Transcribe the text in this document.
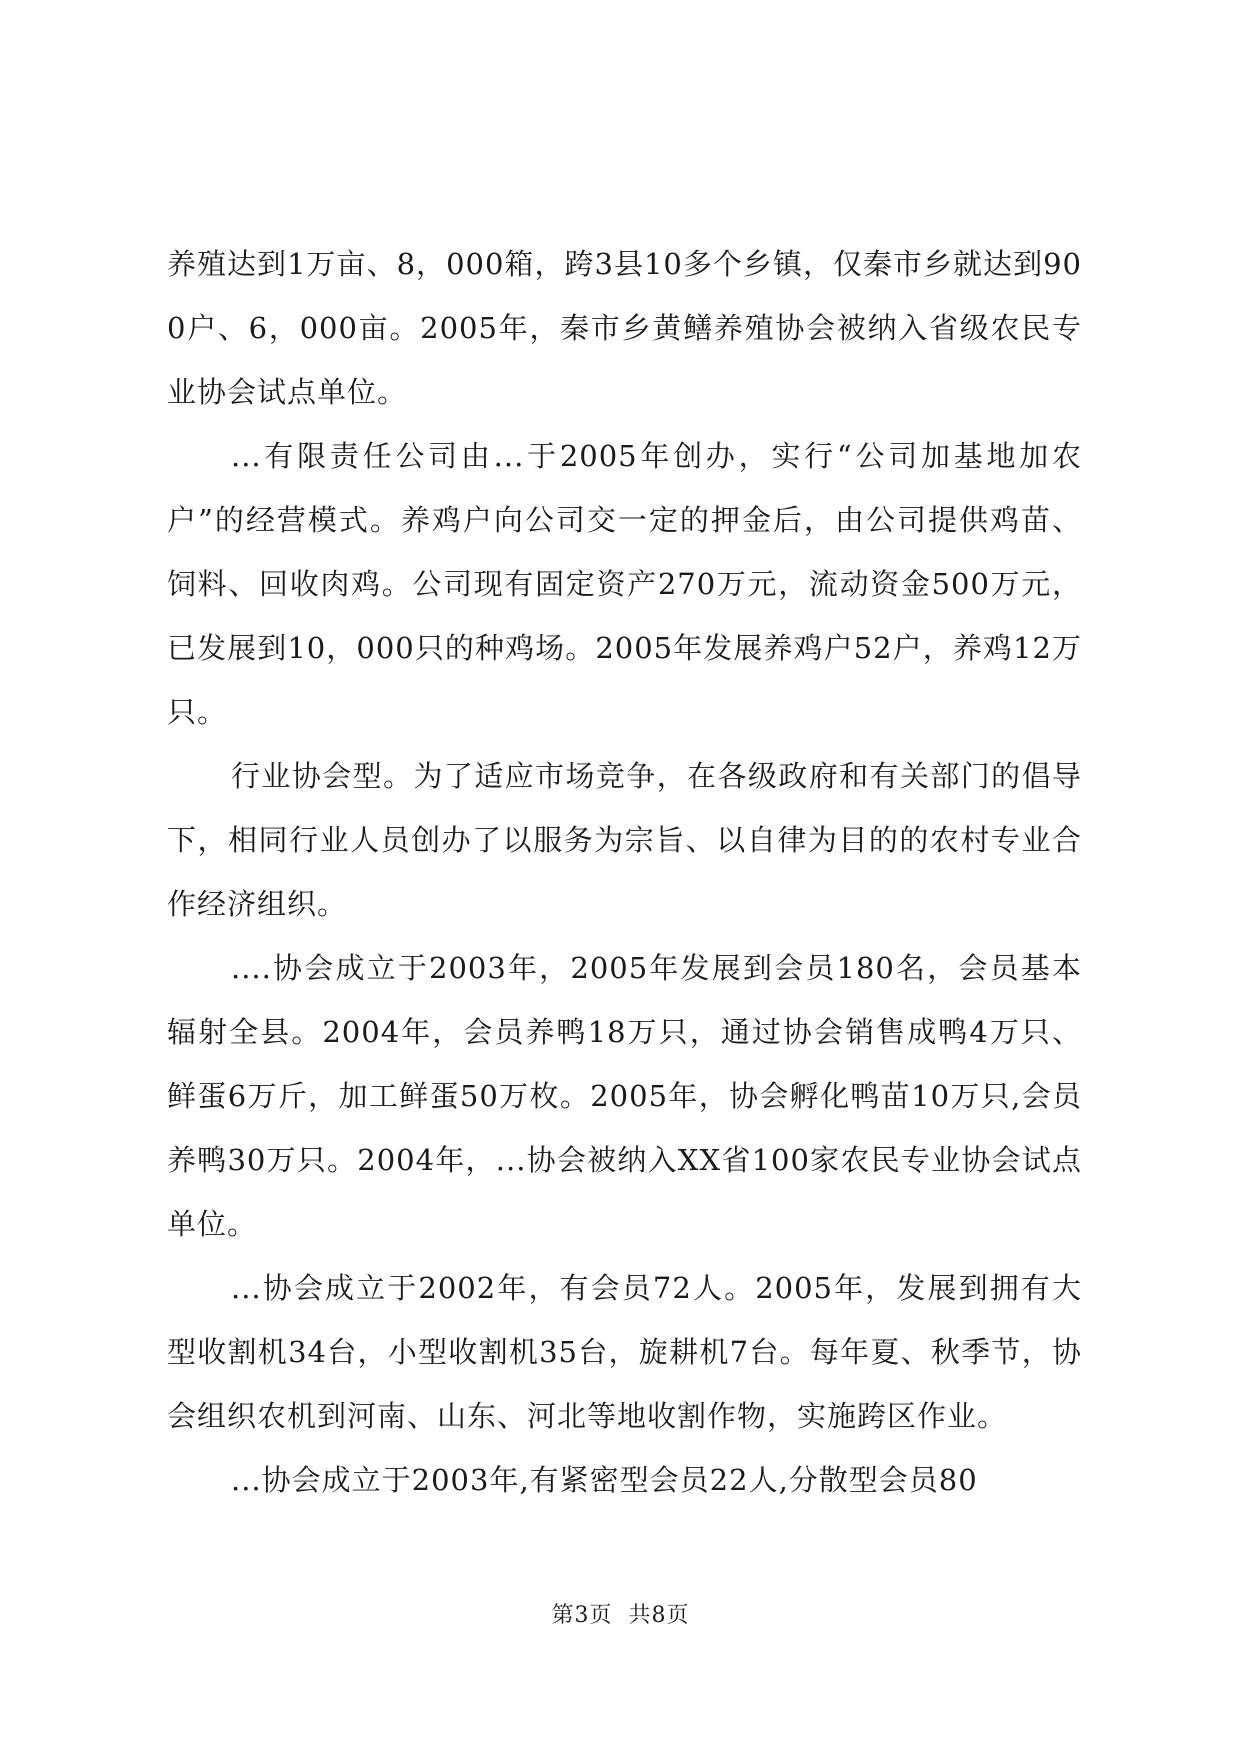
养殖达到1万亩、8，000箱，跨3县10多个乡镇，仅秦市乡就达到900户、6，000亩。2005年，秦市乡黄鳝养殖协会被纳入省级农民专业协会试点单位。

...有限责任公司由...于2005年创办，实行“公司加基地加农户”的经营模式。养鸡户向公司交一定的押金后，由公司提供鸡苗、饲料、回收肉鸡。公司现有固定资产270万元，流动资金500万元，已发展到10，000只的种鸡场。2005年发展养鸡户52户，养鸡12万只。

行业协会型。为了适应市场竞争，在各级政府和有关部门的倡导下，相同行业人员创办了以服务为宗旨、以自律为目的的农村专业合作经济组织。

....协会成立于2003年，2005年发展到会员180名，会员基本辐射全县。2004年，会员养鸭18万只，通过协会销售成鸭4万只、鲜蛋6万斤，加工鲜蛋50万枚。2005年，协会孵化鸭苗10万只,会员养鸭30万只。2004年，...协会被纳入XX省100家农民专业协会试点单位。

...协会成立于2002年，有会员72人。2005年，发展到拥有大型收割机34台，小型收割机35台，旋耕机7台。每年夏、秋季节，协会组织农机到河南、山东、河北等地收割作物，实施跨区作业。

...协会成立于2003年,有紧密型会员22人,分散型会员80

第3页  共8页
